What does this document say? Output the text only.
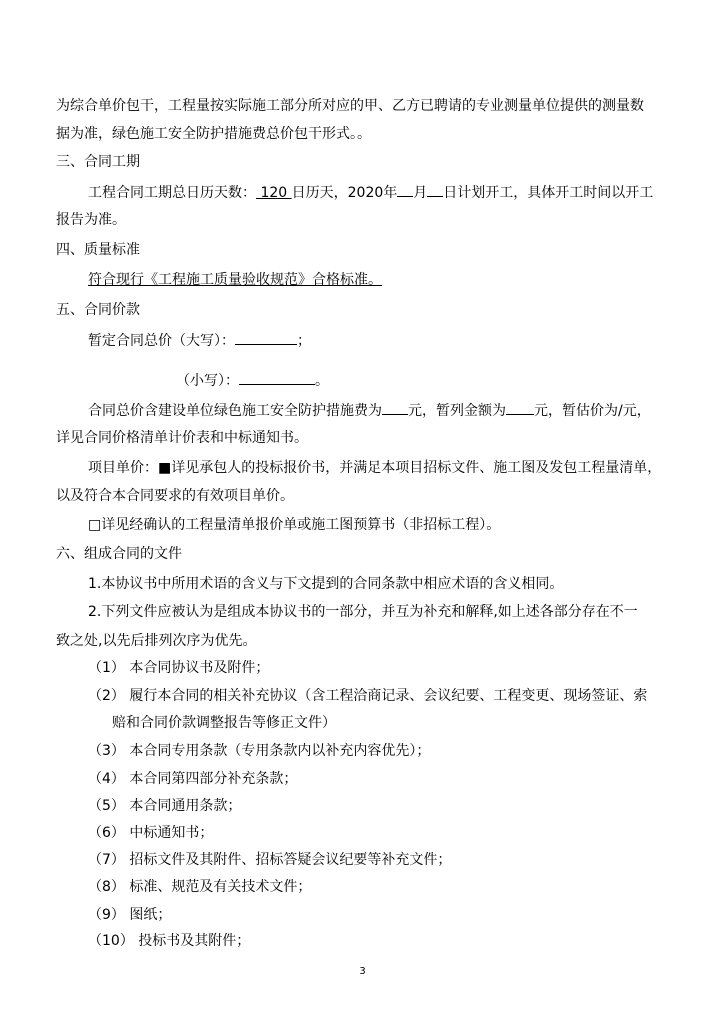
为综合单价包干，工程量按实际施工部分所对应的甲、乙方已聘请的专业测量单位提供的测量数
据为准，绿色施工安全防护措施费总价包干形式。。
三、合同工期
工程合同工期总日历天数： 120 日历天，2020年 月 日计划开工，具体开工时间以开工
报告为准。
四、质量标准
符合现行《工程施工质量验收规范》合格标准。
五、合同价款
暂定合同总价（大写）：	；
（小写）：	。
合同总价含建设单位绿色施工安全防护措施费为 元，暂列金额为 元，暂估价为/元，
详见合同价格清单计价表和中标通知书。
项目单价：■详见承包人的投标报价书，并满足本项目招标文件、施工图及发包工程量清单，
以及符合本合同要求的有效项目单价。
□详见经确认的工程量清单报价单或施工图预算书（非招标工程）。
六、组成合同的文件
1.本协议书中所用术语的含义与下文提到的合同条款中相应术语的含义相同。
2.下列文件应被认为是组成本协议书的一部分，并互为补充和解释,如上述各部分存在不一
致之处,以先后排列次序为优先。
（1） 本合同协议书及附件；
（2） 履行本合同的相关补充协议（含工程洽商记录、会议纪要、工程变更、现场签证、索
赔和合同价款调整报告等修正文件）
（3） 本合同专用条款（专用条款内以补充内容优先）；
（4） 本合同第四部分补充条款；
（5） 本合同通用条款；
（6） 中标通知书；
（7） 招标文件及其附件、招标答疑会议纪要等补充文件；
（8） 标准、规范及有关技术文件；
（9） 图纸；
（10） 投标书及其附件；
3
